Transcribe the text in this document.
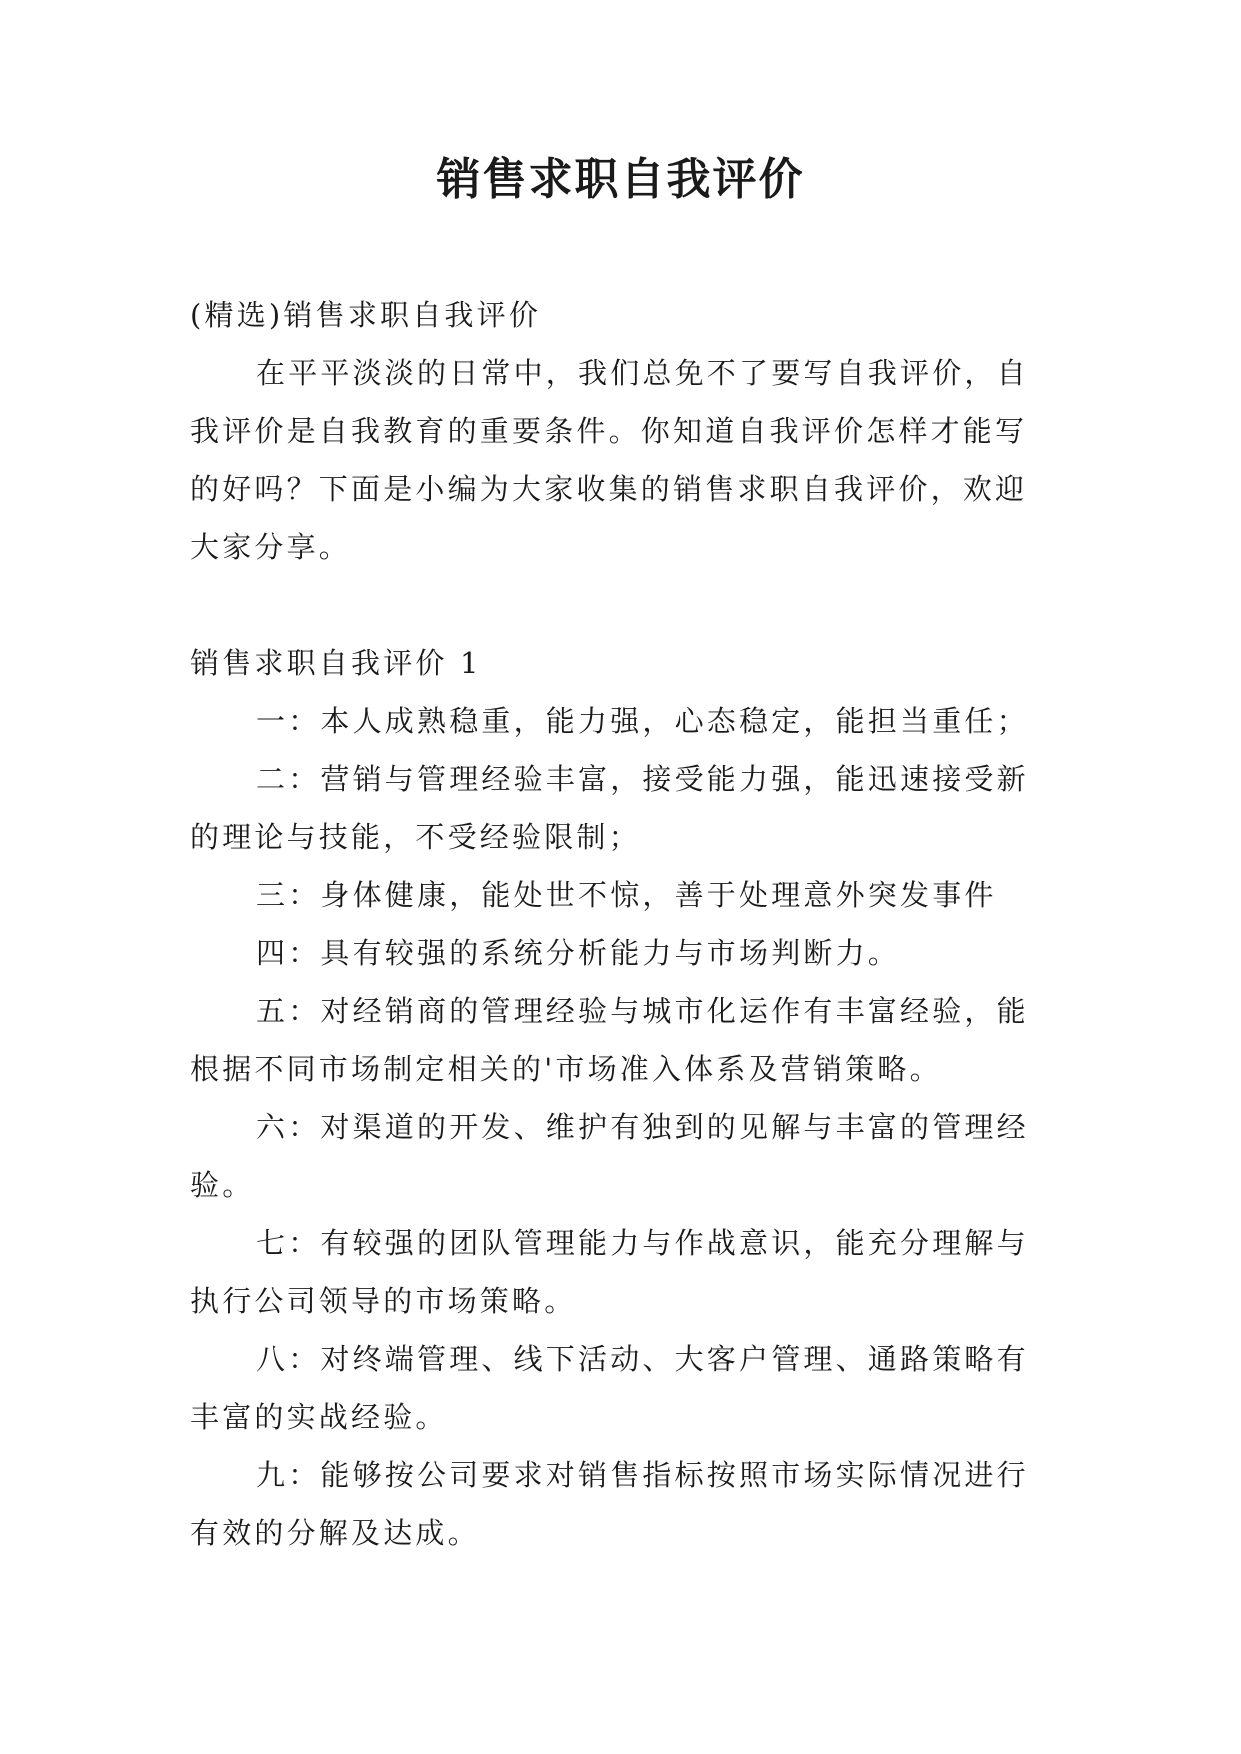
销售求职自我评价

(精选)销售求职自我评价

在平平淡淡的日常中，我们总免不了要写自我评价，自我评价是自我教育的重要条件。你知道自我评价怎样才能写的好吗？下面是小编为大家收集的销售求职自我评价，欢迎大家分享。

销售求职自我评价 1

一：本人成熟稳重，能力强，心态稳定，能担当重任；

二：营销与管理经验丰富，接受能力强，能迅速接受新的理论与技能，不受经验限制；

三：身体健康，能处世不惊，善于处理意外突发事件

四：具有较强的系统分析能力与市场判断力。

五：对经销商的管理经验与城市化运作有丰富经验，能根据不同市场制定相关的'市场准入体系及营销策略。

六：对渠道的开发、维护有独到的见解与丰富的管理经验。

七：有较强的团队管理能力与作战意识，能充分理解与执行公司领导的市场策略。

八：对终端管理、线下活动、大客户管理、通路策略有丰富的实战经验。

九：能够按公司要求对销售指标按照市场实际情况进行有效的分解及达成。
